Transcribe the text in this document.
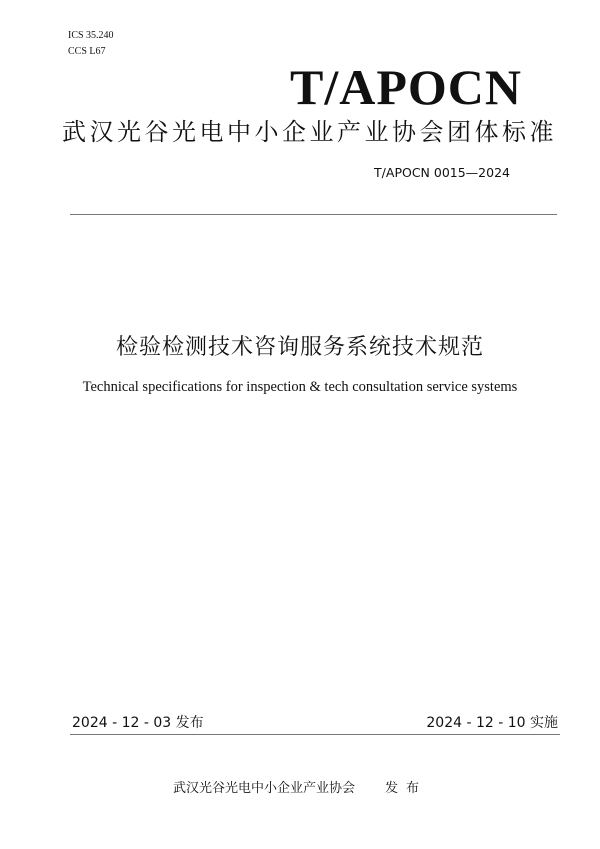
ICS 35.240
CCS L67
T/APOCN
武汉光谷光电中小企业产业协会团体标准
T/APOCN 0015—2024
检验检测技术咨询服务系统技术规范
Technical specifications for inspection & tech consultation service systems
2024 - 12 - 03 发布	2024 - 12 - 10 实施
武汉光谷光电中小企业产业协会 发布
